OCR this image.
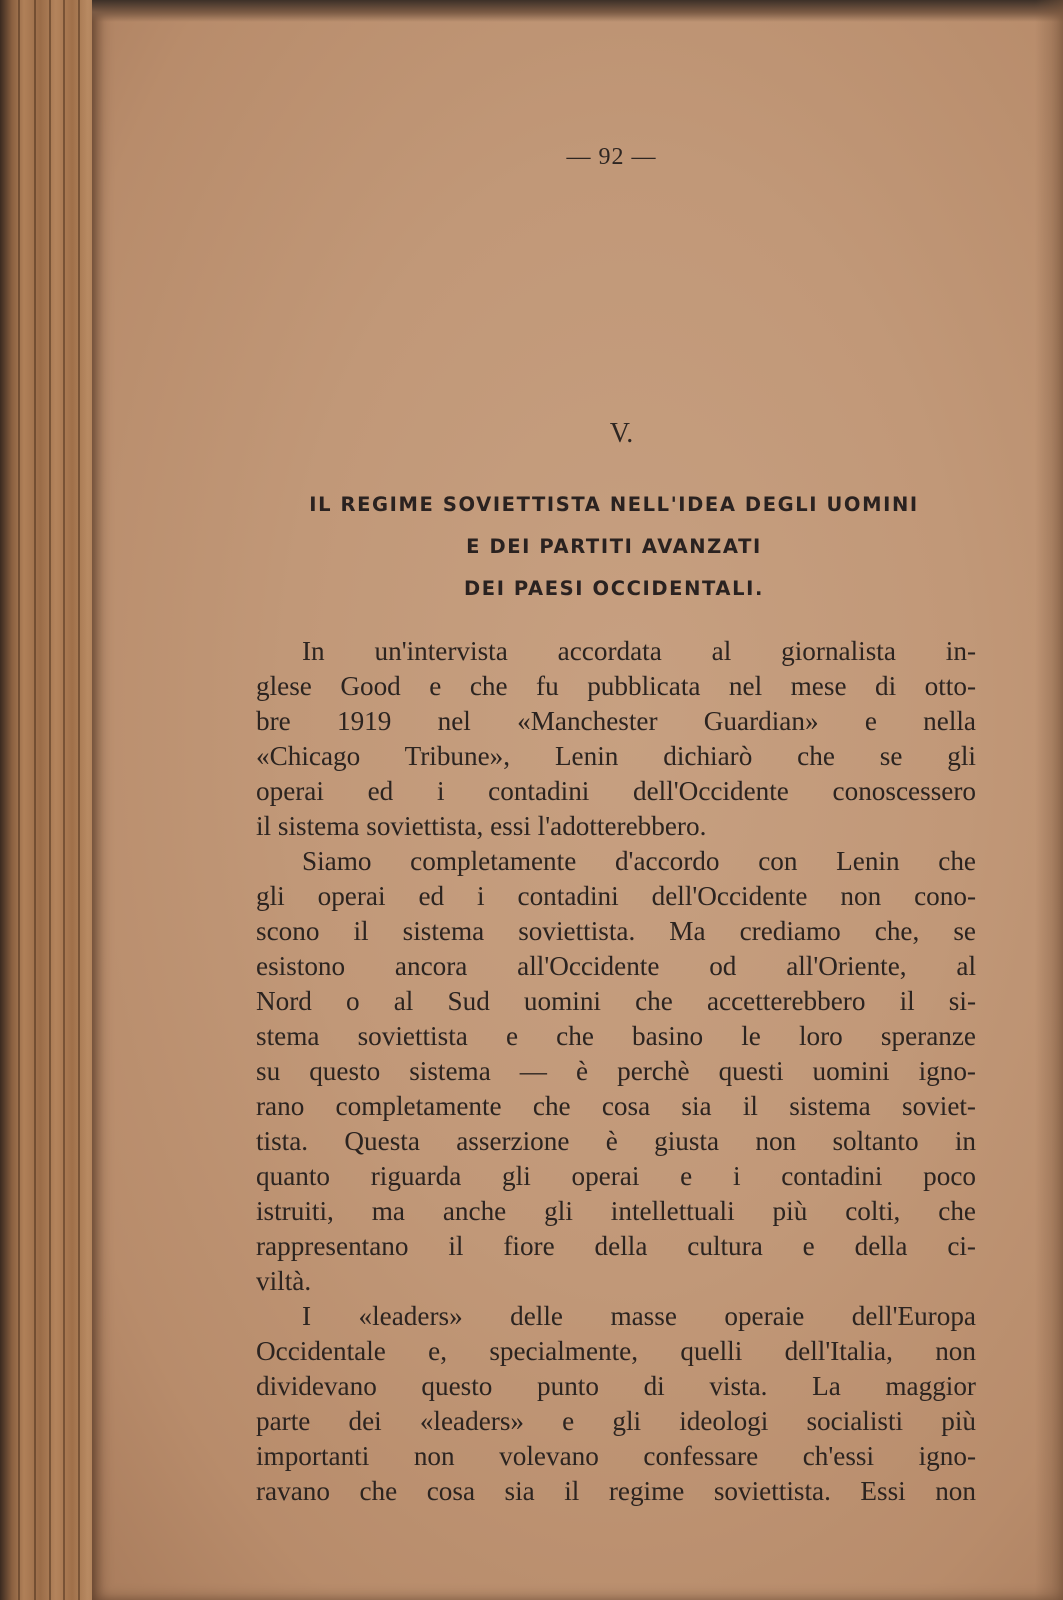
— 92 —
V.
IL REGIME SOVIETTISTA NELL'IDEA DEGLI UOMINI
E DEI PARTITI AVANZATI
DEI PAESI OCCIDENTALI.
In un'intervista accordata al giornalista in-
glese Good e che fu pubblicata nel mese di otto-
bre 1919 nel «Manchester Guardian» e nella
«Chicago Tribune», Lenin dichiarò che se gli
operai ed i contadini dell'Occidente conoscessero
il sistema soviettista, essi l'adotterebbero.
Siamo completamente d'accordo con Lenin che
gli operai ed i contadini dell'Occidente non cono-
scono il sistema soviettista. Ma crediamo che, se
esistono ancora all'Occidente od all'Oriente, al
Nord o al Sud uomini che accetterebbero il si-
stema soviettista e che basino le loro speranze
su questo sistema — è perchè questi uomini igno-
rano completamente che cosa sia il sistema soviet-
tista. Questa asserzione è giusta non soltanto in
quanto riguarda gli operai e i contadini poco
istruiti, ma anche gli intellettuali più colti, che
rappresentano il fiore della cultura e della ci-
viltà.
I «leaders» delle masse operaie dell'Europa
Occidentale e, specialmente, quelli dell'Italia, non
dividevano questo punto di vista. La maggior
parte dei «leaders» e gli ideologi socialisti più
importanti non volevano confessare ch'essi igno-
ravano che cosa sia il regime soviettista. Essi non
